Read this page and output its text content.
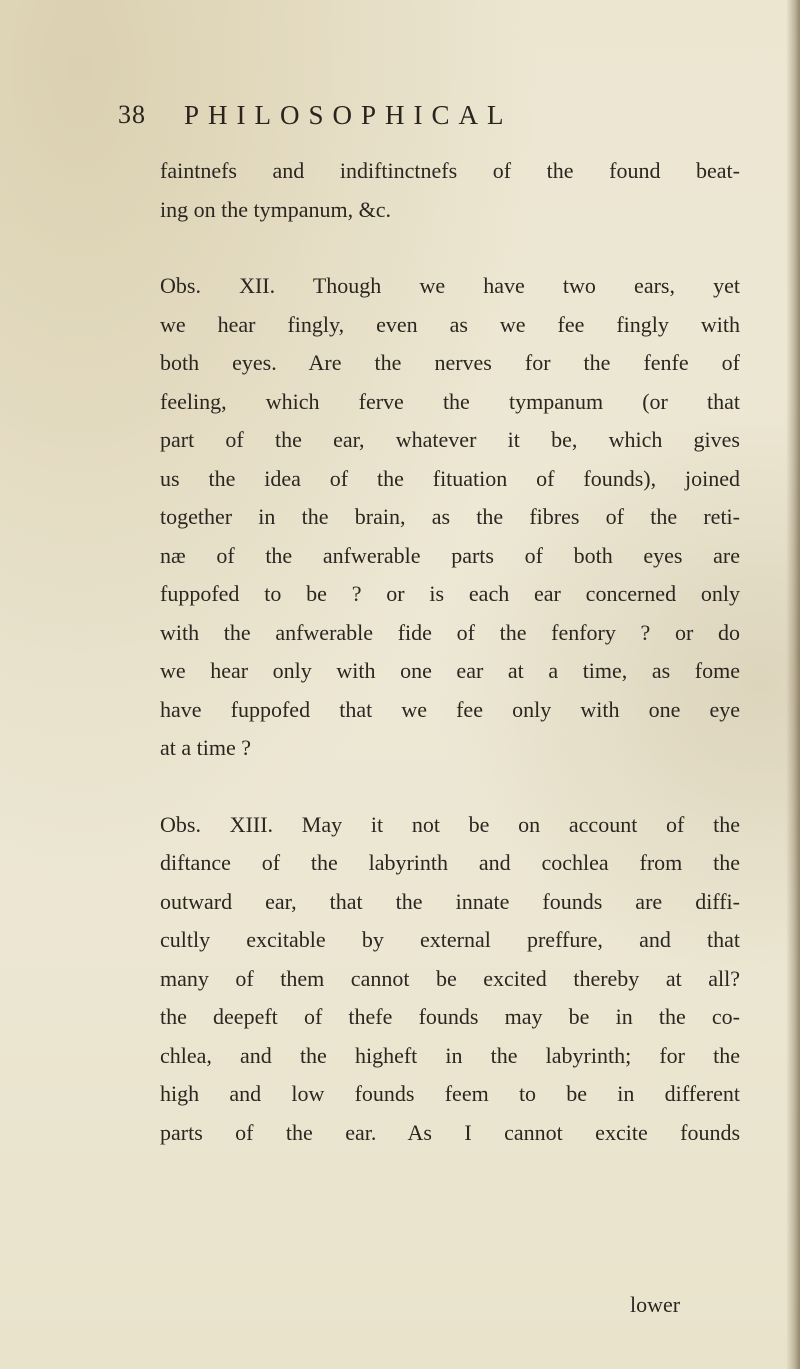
38 PHILOSOPHICAL
faintnefs and indiftinctnefs of the found beat-
ing on the tympanum, &c.
Obs. XII. Though we have two ears, yet
we hear fingly, even as we fee fingly with
both eyes. Are the nerves for the fenfe of
feeling, which ferve the tympanum (or that
part of the ear, whatever it be, which gives
us the idea of the fituation of founds), joined
together in the brain, as the fibres of the reti-
næ of the anfwerable parts of both eyes are
fuppofed to be ? or is each ear concerned only
with the anfwerable fide of the fenfory ? or do
we hear only with one ear at a time, as fome
have fuppofed that we fee only with one eye
at a time ?
Obs. XIII. May it not be on account of the
diftance of the labyrinth and cochlea from the
outward ear, that the innate founds are diffi-
cultly excitable by external preffure, and that
many of them cannot be excited thereby at all?
the deepeft of thefe founds may be in the co-
chlea, and the higheft in the labyrinth; for the
high and low founds feem to be in different
parts of the ear. As I cannot excite founds
lower
